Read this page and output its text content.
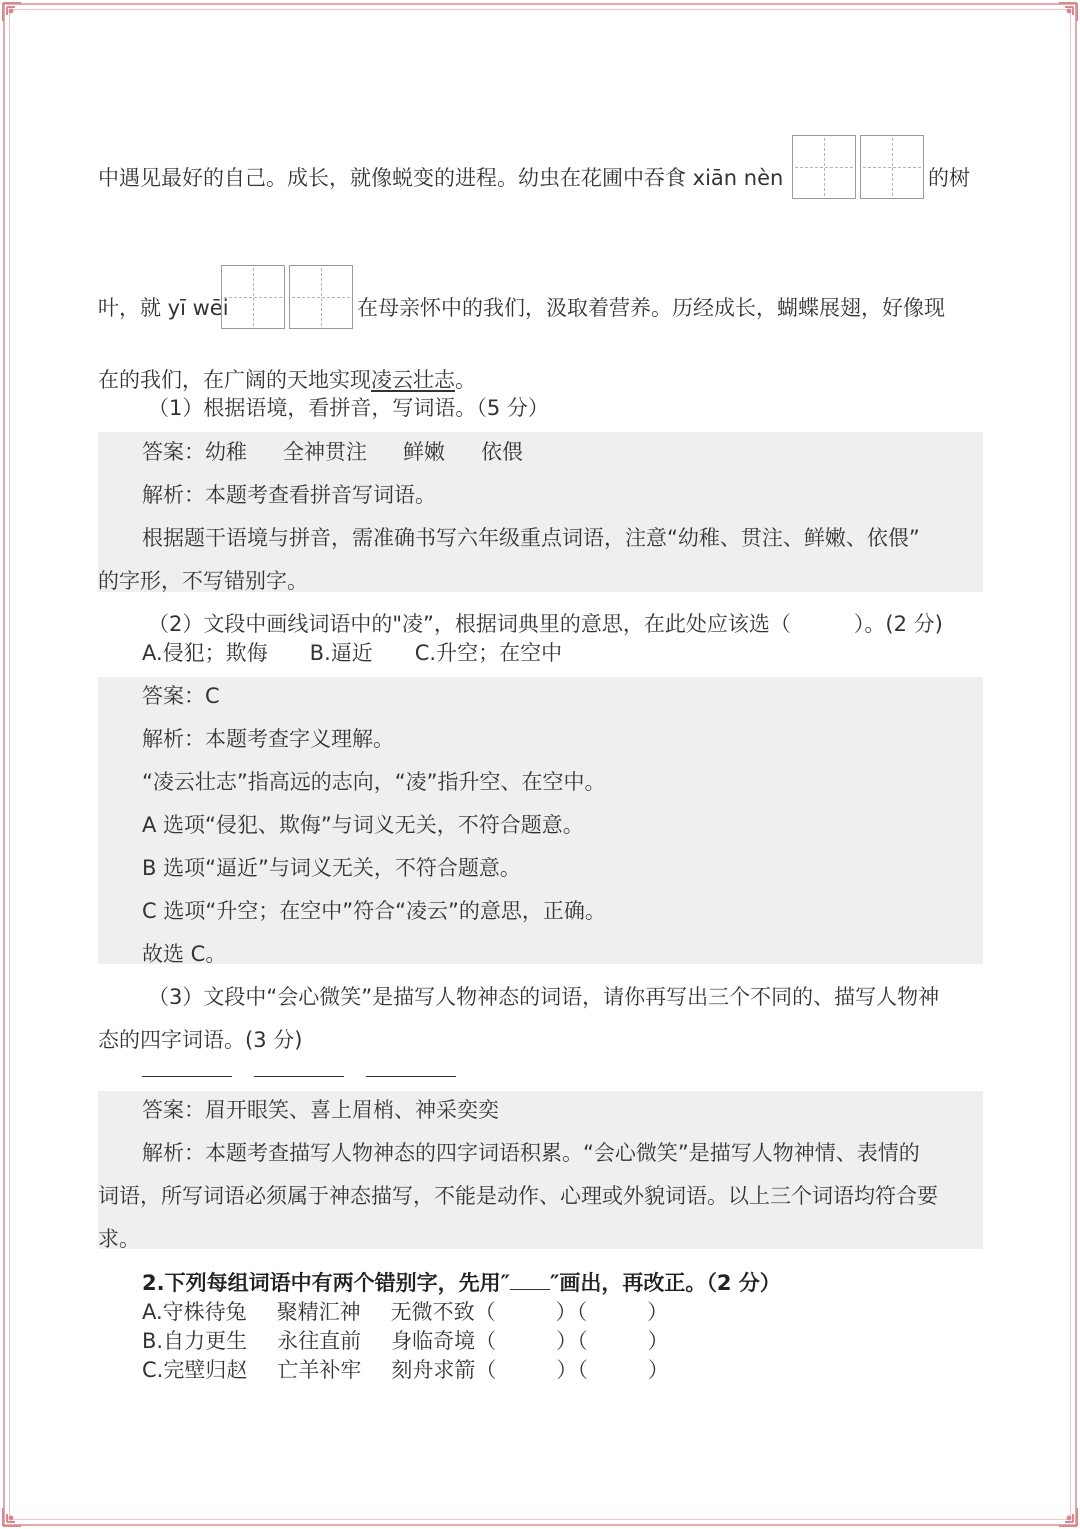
中遇见最好的自己。成长，就像蜕变的进程。幼虫在花圃中吞食 xiān nèn	的树
叶，就 yī wēi	在母亲怀中的我们，汲取着营养。历经成长，蝴蝶展翅，好像现
在的我们，在广阔的天地实现凌云壮志。
（1）根据语境，看拼音，写词语。（5 分）
答案：幼稚 全神贯注 鲜嫩 依偎
解析：本题考查看拼音写词语。
根据题干语境与拼音，需准确书写六年级重点词语，注意“幼稚、贯注、鲜嫩、依偎”
的字形，不写错别字。
（2）文段中画线词语中的"凌”，根据词典里的意思，在此处应该选（　　　）。(2 分)
A.侵犯；欺侮　　B.逼近　　C.升空；在空中
答案：C
解析：本题考查字义理解。
“凌云壮志”指高远的志向，“凌”指升空、在空中。
A 选项“侵犯、欺侮”与词义无关，不符合题意。
B 选项“逼近”与词义无关，不符合题意。
C 选项“升空；在空中”符合“凌云”的意思，正确。
故选 C。
（3）文段中“会心微笑”是描写人物神态的词语，请你再写出三个不同的、描写人物神
态的四字词语。(3 分)
答案：眉开眼笑、喜上眉梢、神采奕奕
解析：本题考查描写人物神态的四字词语积累。“会心微笑”是描写人物神情、表情的
词语，所写词语必须属于神态描写，不能是动作、心理或外貌词语。以上三个词语均符合要
求。
2.下列每组词语中有两个错别字，先用″ ″画出，再改正。（2 分）
A.守株待兔 聚精汇神 无微不致（	）（	）
B.自力更生 永往直前 身临奇境（	）（	）
C.完壁归赵 亡羊补牢 刻舟求箭（	）（	）
